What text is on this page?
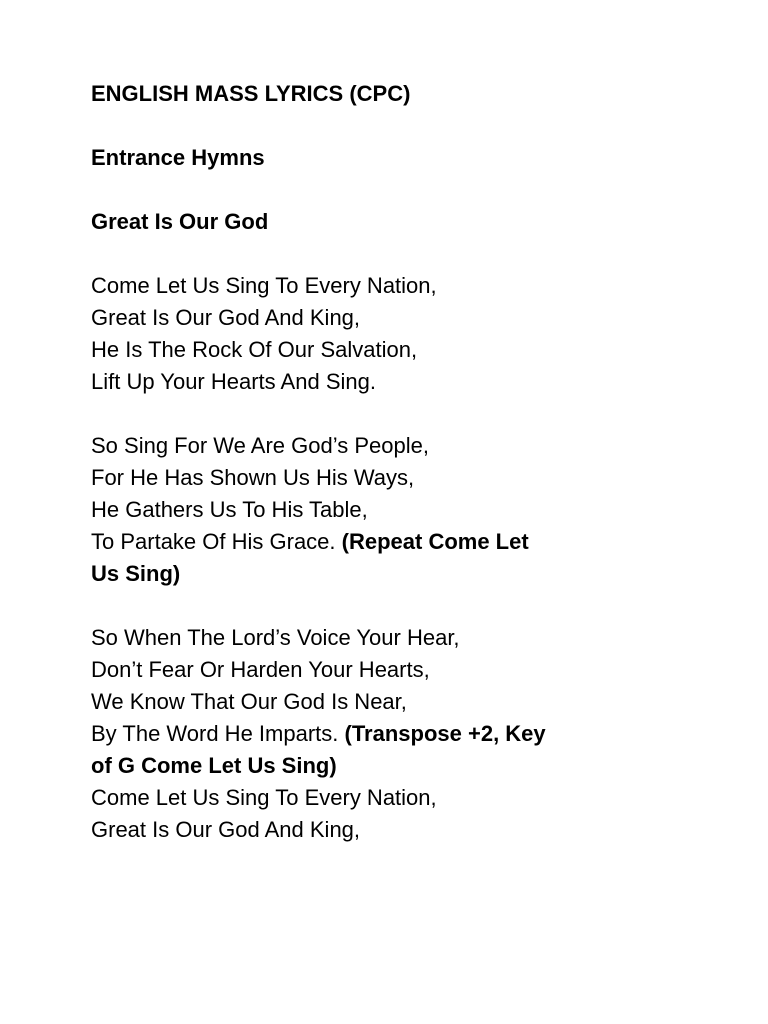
ENGLISH MASS LYRICS (CPC)

Entrance Hymns

Great Is Our God

Come Let Us Sing To Every Nation,
Great Is Our God And King,
He Is The Rock Of Our Salvation,
Lift Up Your Hearts And Sing.
So Sing For We Are God’s People,
For He Has Shown Us His Ways,
He Gathers Us To His Table,
To Partake Of His Grace. (Repeat Come Let
Us Sing)
So When The Lord’s Voice Your Hear,
Don’t Fear Or Harden Your Hearts,
We Know That Our God Is Near,
By The Word He Imparts. (Transpose +2, Key
of G Come Let Us Sing)
Come Let Us Sing To Every Nation,
Great Is Our God And King,
